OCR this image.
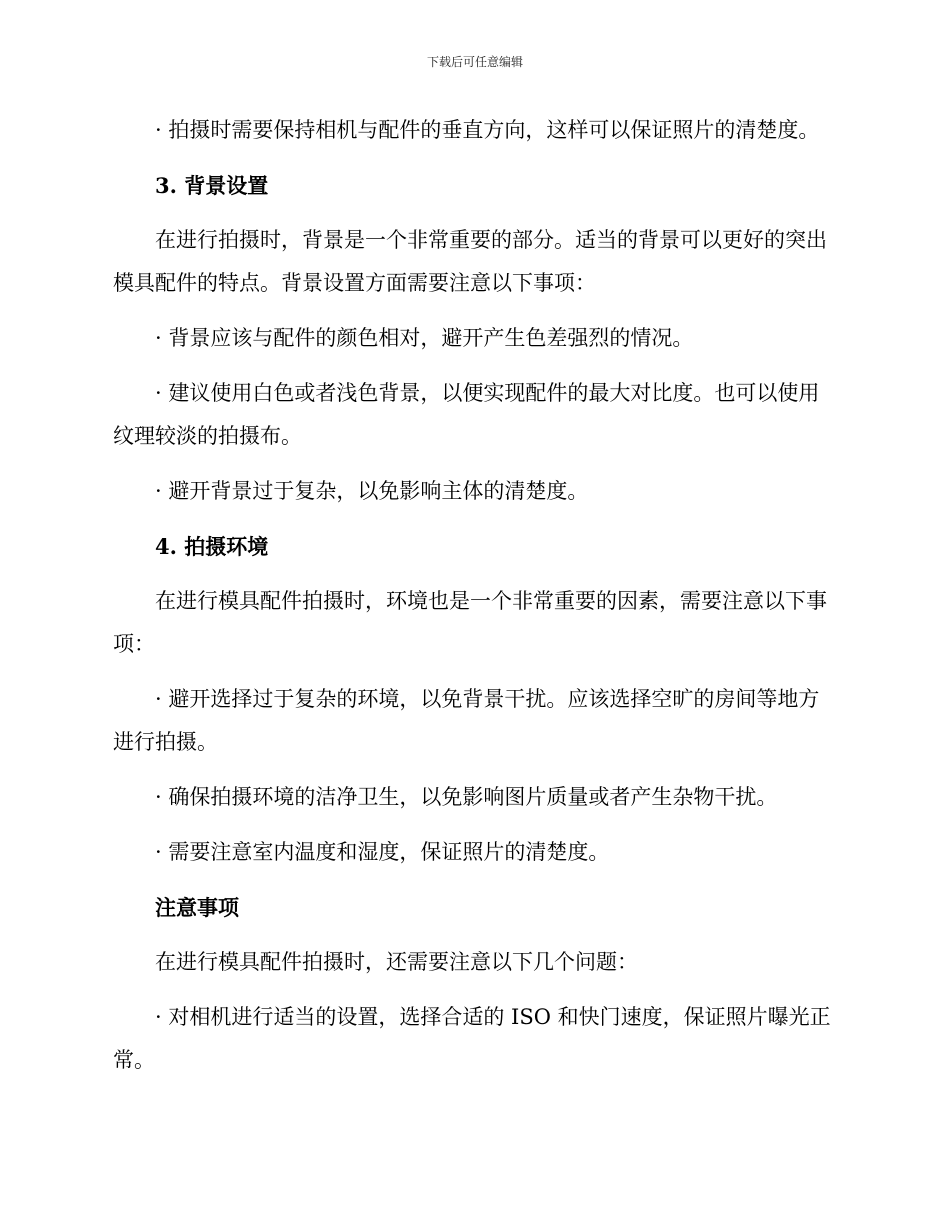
下载后可任意编辑

· 拍摄时需要保持相机与配件的垂直方向，这样可以保证照片的清楚度。

3. 背景设置

在进行拍摄时，背景是一个非常重要的部分。适当的背景可以更好的突出模具配件的特点。背景设置方面需要注意以下事项：

· 背景应该与配件的颜色相对，避开产生色差强烈的情况。

· 建议使用白色或者浅色背景，以便实现配件的最大对比度。也可以使用纹理较淡的拍摄布。

· 避开背景过于复杂，以免影响主体的清楚度。

4. 拍摄环境

在进行模具配件拍摄时，环境也是一个非常重要的因素，需要注意以下事项：

· 避开选择过于复杂的环境，以免背景干扰。应该选择空旷的房间等地方进行拍摄。

· 确保拍摄环境的洁净卫生，以免影响图片质量或者产生杂物干扰。

· 需要注意室内温度和湿度，保证照片的清楚度。

注意事项

在进行模具配件拍摄时，还需要注意以下几个问题：

· 对相机进行适当的设置，选择合适的 ISO 和快门速度，保证照片曝光正常。
